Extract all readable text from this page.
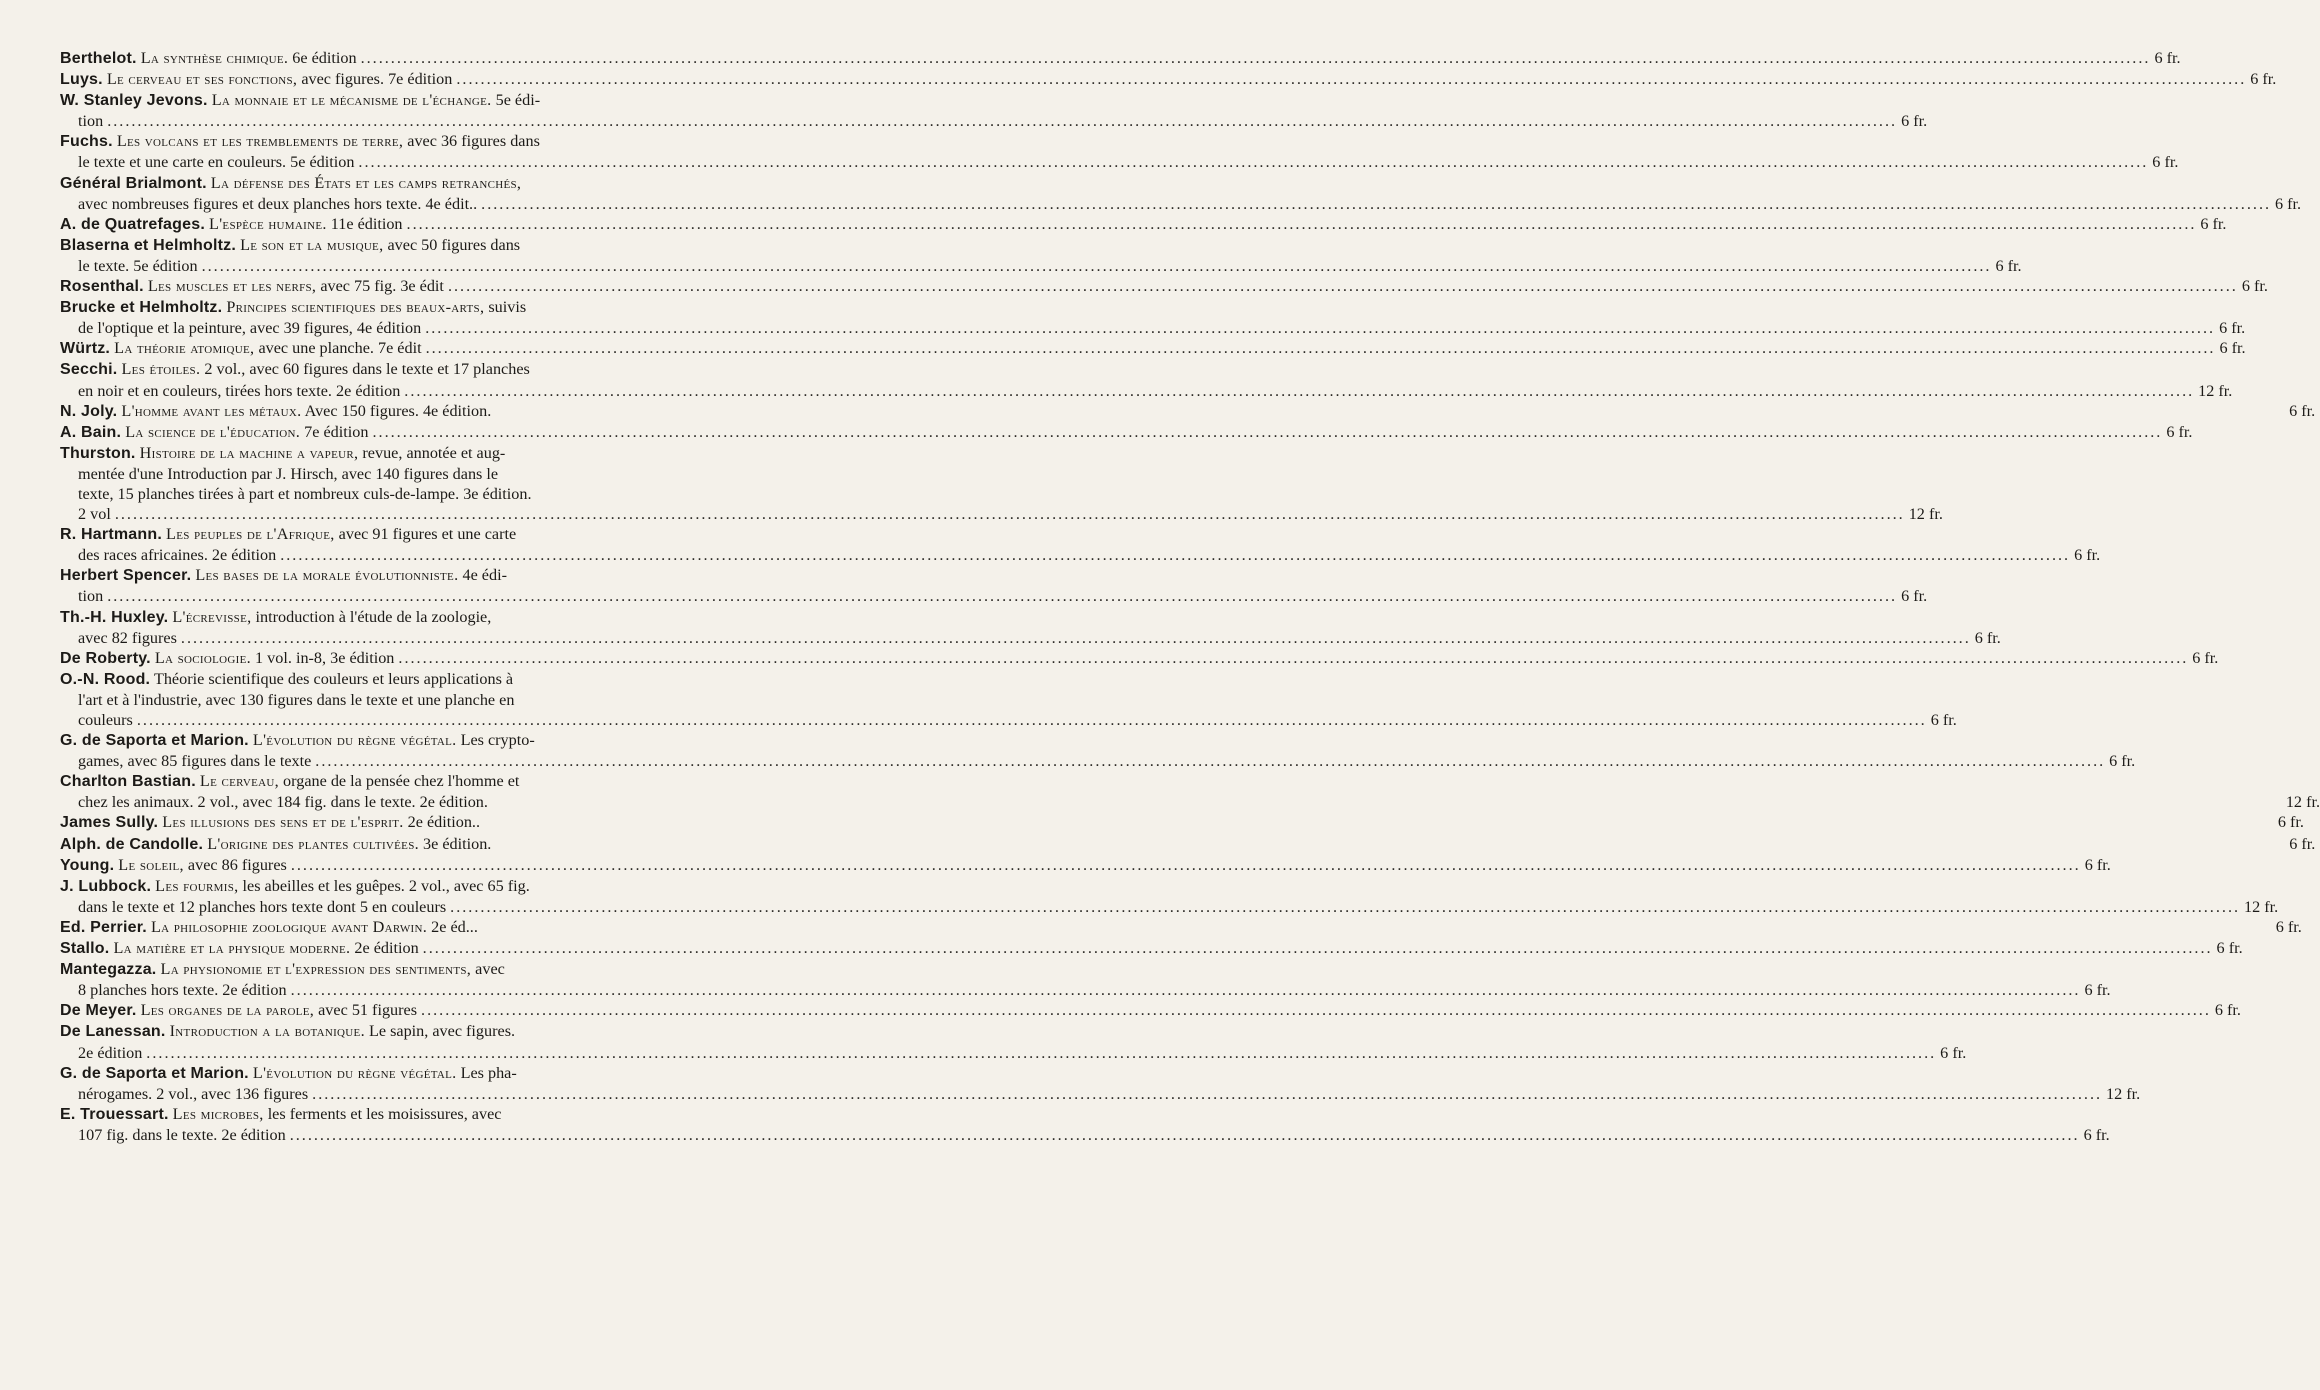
Berthelot. La synthèse chimique. 6e édition .....	6 fr.

Luys. Le cerveau et ses fonctions, avec figures. 7e édition .....	6 fr.

W. Stanley Jevons. La monnaie et le mécanisme de l'échange. 5e édi-
tion .....	6 fr.

Fuchs. Les volcans et les tremblements de terre, avec 36 figures dans
le texte et une carte en couleurs. 5e édition .....	6 fr.

Général Brialmont. La défense des États et les camps retranchés,
avec nombreuses figures et deux planches hors texte. 4e édit.. .....	6 fr.

A. de Quatrefages. L'espèce humaine. 11e édition .....	6 fr.

Blaserna et Helmholtz. Le son et la musique, avec 50 figures dans
le texte. 5e édition .....	6 fr.

Rosenthal. Les muscles et les nerfs, avec 75 fig. 3e édit .....	6 fr.

Brucke et Helmholtz. Principes scientifiques des beaux-arts, suivis
de l'optique et la peinture, avec 39 figures, 4e édition .....	6 fr.

Würtz. La théorie atomique, avec une planche. 7e édit .....	6 fr.

Secchi. Les étoiles. 2 vol., avec 60 figures dans le texte et 17 planches
en noir et en couleurs, tirées hors texte. 2e édition .....	12 fr.

N. Joly. L'homme avant les métaux. Avec 150 figures. 4e édition.	6 fr.

A. Bain. La science de l'éducation. 7e édition .....	6 fr.

Thurston. Histoire de la machine a vapeur, revue, annotée et aug-
mentée d'une Introduction par J. Hirsch, avec 140 figures dans le
texte, 15 planches tirées à part et nombreux culs-de-lampe. 3e édition.
2 vol .....	12 fr.

R. Hartmann. Les peuples de l'Afrique, avec 91 figures et une carte
des races africaines. 2e édition .....	6 fr.

Herbert Spencer. Les bases de la morale évolutionniste. 4e édi-
tion .....	6 fr.

Th.-H. Huxley. L'écrevisse, introduction à l'étude de la zoologie,
avec 82 figures .....	6 fr.

De Roberty. La sociologie. 1 vol. in-8, 3e édition .....	6 fr.

O.-N. Rood. Théorie scientifique des couleurs et leurs applications à
l'art et à l'industrie, avec 130 figures dans le texte et une planche en
couleurs .....	6 fr.

G. de Saporta et Marion. L'évolution du règne végétal. Les crypto-
games, avec 85 figures dans le texte .....	6 fr.

Charlton Bastian. Le cerveau, organe de la pensée chez l'homme et
chez les animaux. 2 vol., avec 184 fig. dans le texte. 2e édition.	12 fr.

James Sully. Les illusions des sens et de l'esprit. 2e édition..	6 fr.

Alph. de Candolle. L'origine des plantes cultivées. 3e édition.	6 fr.

Young. Le soleil, avec 86 figures .....	6 fr.

J. Lubbock. Les fourmis, les abeilles et les guêpes. 2 vol., avec 65 fig.
dans le texte et 12 planches hors texte dont 5 en couleurs .....	12 fr.

Ed. Perrier. La philosophie zoologique avant Darwin. 2e éd...	6 fr.

Stallo. La matière et la physique moderne. 2e édition .....	6 fr.

Mantegazza. La physionomie et l'expression des sentiments, avec
8 planches hors texte. 2e édition .....	6 fr.

De Meyer. Les organes de la parole, avec 51 figures .....	6 fr.

De Lanessan. Introduction a la botanique. Le sapin, avec figures.
2e édition .....	6 fr.

G. de Saporta et Marion. L'évolution du règne végétal. Les pha-
nérogames. 2 vol., avec 136 figures .....	12 fr.

E. Trouessart. Les microbes, les ferments et les moisissures, avec
107 fig. dans le texte. 2e édition .....	6 fr.
